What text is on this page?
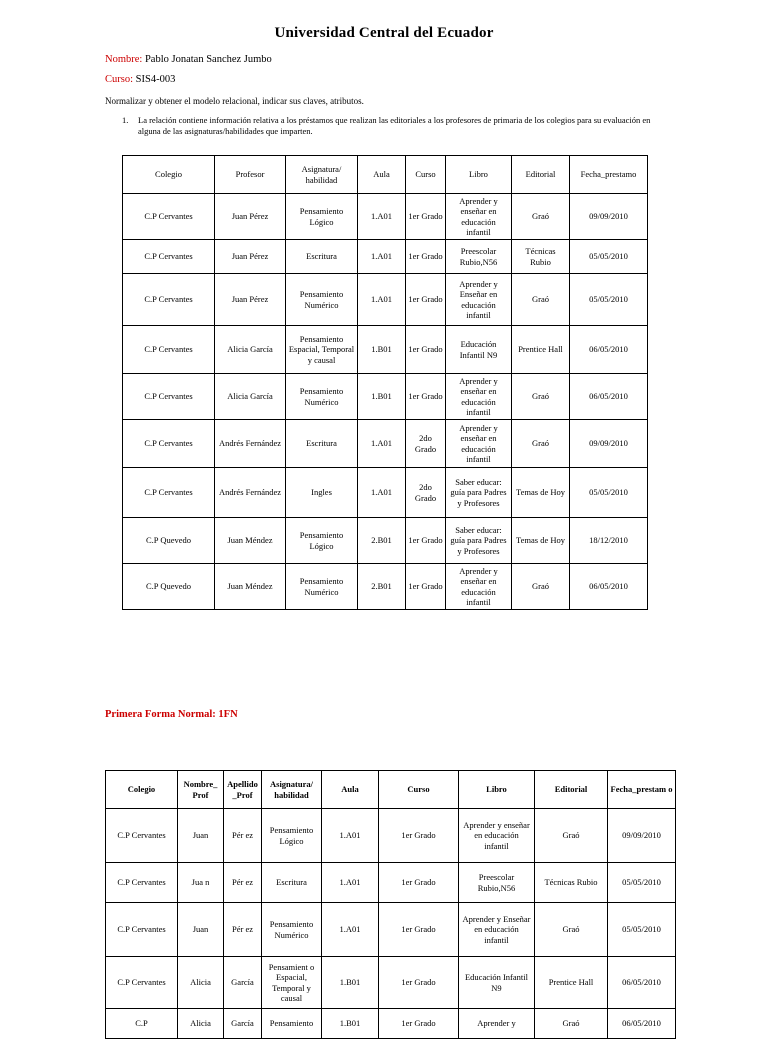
Universidad Central del Ecuador
Nombre: Pablo Jonatan Sanchez Jumbo
Curso: SIS4-003
Normalizar y obtener el modelo relacional, indicar sus claves, atributos.
1. La relación contiene información relativa a los préstamos que realizan las editoriales a los profesores de primaria de los colegios para su evaluación en alguna de las asignaturas/habilidades que imparten.
Colegio	Profesor	Asignatura/ habilidad	Aula	Curso	Libro	Editorial	Fecha_prestamo
C.P Cervantes	Juan Pérez	Pensamiento Lógico	1.A01	1er Grado	Aprender y enseñar en educación infantil	Graó	09/09/2010
C.P Cervantes	Juan Pérez	Escritura	1.A01	1er Grado	Preescolar Rubio,N56	Técnicas Rubio	05/05/2010
C.P Cervantes	Juan Pérez	Pensamiento Numérico	1.A01	1er Grado	Aprender y Enseñar en educación infantil	Graó	05/05/2010
C.P Cervantes	Alicia García	Pensamiento Espacial, Temporal y causal	1.B01	1er Grado	Educación Infantil N9	Prentice Hall	06/05/2010
C.P Cervantes	Alicia García	Pensamiento Numérico	1.B01	1er Grado	Aprender y enseñar en educación infantil	Graó	06/05/2010
C.P Cervantes	Andrés Fernández	Escritura	1.A01	2do Grado	Aprender y enseñar en educación infantil	Graó	09/09/2010
C.P Cervantes	Andrés Fernández	Ingles	1.A01	2do Grado	Saber educar: guía para Padres y Profesores	Temas de Hoy	05/05/2010
C.P Quevedo	Juan Méndez	Pensamiento Lógico	2.B01	1er Grado	Saber educar: guía para Padres y Profesores	Temas de Hoy	18/12/2010
C.P Quevedo	Juan Méndez	Pensamiento Numérico	2.B01	1er Grado	Aprender y enseñar en educación infantil	Graó	06/05/2010
Primera Forma Normal: 1FN
Colegio	Nombre_ Prof	Apellido _Prof	Asignatura/ habilidad	Aula	Curso	Libro	Editorial	Fecha_prestam o
C.P Cervantes	Juan	Pér ez	Pensamiento Lógico	1.A01	1er Grado	Aprender y enseñar en educación infantil	Graó	09/09/2010
C.P Cervantes	Jua n	Pér ez	Escritura	1.A01	1er Grado	Preescolar Rubio,N56	Técnicas Rubio	05/05/2010
C.P Cervantes	Juan	Pér ez	Pensamiento Numérico	1.A01	1er Grado	Aprender y Enseñar en educación infantil	Graó	05/05/2010
C.P Cervantes	Alicia	García	Pensamient o Espacial, Temporal y causal	1.B01	1er Grado	Educación Infantil N9	Prentice Hall	06/05/2010
C.P	Alicia	García	Pensamiento	1.B01	1er Grado	Aprender y	Graó	06/05/2010
